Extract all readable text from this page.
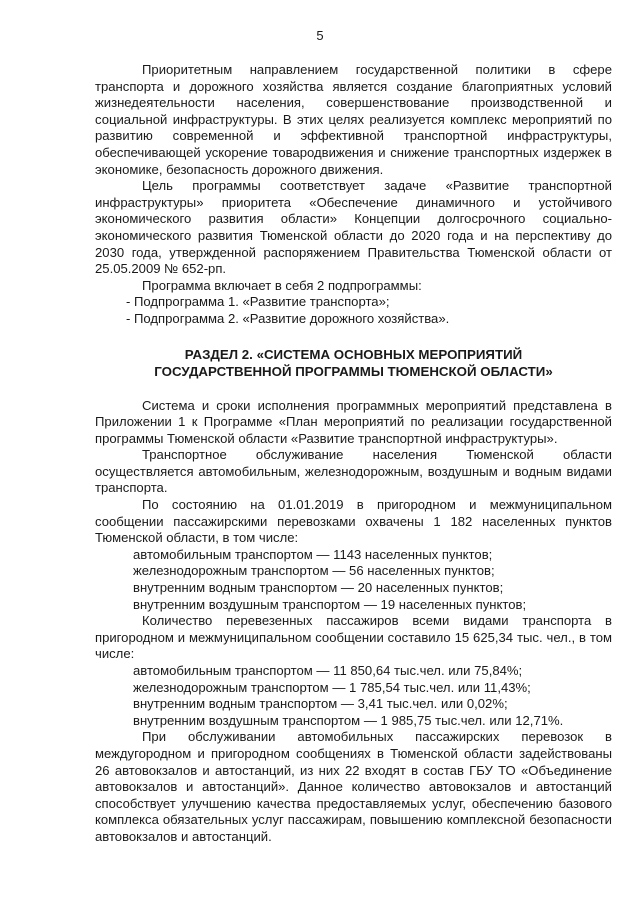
5

Приоритетным направлением государственной политики в сфере транспорта и дорожного хозяйства является создание благоприятных условий жизнедеятельности населения, совершенствование производственной и социальной инфраструктуры. В этих целях реализуется комплекс мероприятий по развитию современной и эффективной транспортной инфраструктуры, обеспечивающей ускорение товародвижения и снижение транспортных издержек в экономике, безопасность дорожного движения.

Цель программы соответствует задаче «Развитие транспортной инфраструктуры» приоритета «Обеспечение динамичного и устойчивого экономического развития области» Концепции долгосрочного социально-экономического развития Тюменской области до 2020 года и на перспективу до 2030 года, утвержденной распоряжением Правительства Тюменской области от 25.05.2009 № 652-рп.

Программа включает в себя 2 подпрограммы:

- Подпрограмма 1. «Развитие транспорта»;

- Подпрограмма 2. «Развитие дорожного хозяйства».

РАЗДЕЛ 2. «СИСТЕМА ОСНОВНЫХ МЕРОПРИЯТИЙ
ГОСУДАРСТВЕННОЙ ПРОГРАММЫ ТЮМЕНСКОЙ ОБЛАСТИ»

Система и сроки исполнения программных мероприятий представлена в Приложении 1 к Программе «План мероприятий по реализации государственной программы Тюменской области «Развитие транспортной инфраструктуры».

Транспортное обслуживание населения Тюменской области осуществляется автомобильным, железнодорожным, воздушным и водным видами транспорта.

По состоянию на 01.01.2019 в пригородном и межмуниципальном сообщении пассажирскими перевозками охвачены 1 182 населенных пунктов Тюменской области, в том числе:

автомобильным транспортом — 1143 населенных пунктов;

железнодорожным транспортом — 56 населенных пунктов;

внутренним водным транспортом — 20 населенных пунктов;

внутренним воздушным транспортом — 19 населенных пунктов;

Количество перевезенных пассажиров всеми видами транспорта в пригородном и межмуниципальном сообщении составило 15 625,34 тыс. чел., в том числе:

автомобильным транспортом — 11 850,64 тыс.чел. или 75,84%;

железнодорожным транспортом — 1 785,54 тыс.чел. или 11,43%;

внутренним водным транспортом — 3,41 тыс.чел. или 0,02%;

внутренним воздушным транспортом — 1 985,75 тыс.чел. или 12,71%.

При обслуживании автомобильных пассажирских перевозок в междугородном и пригородном сообщениях в Тюменской области задействованы 26 автовокзалов и автостанций, из них 22 входят в состав ГБУ ТО «Объединение автовокзалов и автостанций». Данное количество автовокзалов и автостанций способствует улучшению качества предоставляемых услуг, обеспечению базового комплекса обязательных услуг пассажирам, повышению комплексной безопасности автовокзалов и автостанций.
